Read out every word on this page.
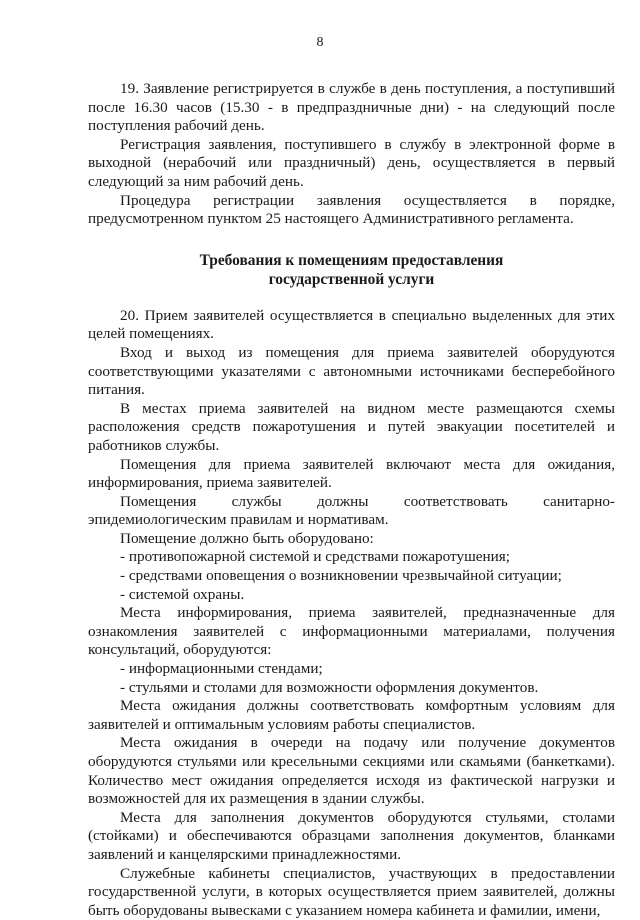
8

19. Заявление регистрируется в службе в день поступления, а поступивший после 16.30 часов (15.30 - в предпраздничные дни) - на следующий после поступления рабочий день.

Регистрация заявления, поступившего в службу в электронной форме в выходной (нерабочий или праздничный) день, осуществляется в первый следующий за ним рабочий день.

Процедура регистрации заявления осуществляется в порядке, предусмотренном пунктом 25 настоящего Административного регламента.

Требования к помещениям предоставления
государственной услуги

20. Прием заявителей осуществляется в специально выделенных для этих целей помещениях.

Вход и выход из помещения для приема заявителей оборудуются соответствующими указателями с автономными источниками бесперебойного питания.

В местах приема заявителей на видном месте размещаются схемы расположения средств пожаротушения и путей эвакуации посетителей и работников службы.

Помещения для приема заявителей включают места для ожидания, информирования, приема заявителей.

Помещения службы должны соответствовать санитарно-эпидемиологическим правилам и нормативам.

Помещение должно быть оборудовано:

- противопожарной системой и средствами пожаротушения;

- средствами оповещения о возникновении чрезвычайной ситуации;

- системой охраны.

Места информирования, приема заявителей, предназначенные для ознакомления заявителей с информационными материалами, получения консультаций, оборудуются:

- информационными стендами;

- стульями и столами для возможности оформления документов.

Места ожидания должны соответствовать комфортным условиям для заявителей и оптимальным условиям работы специалистов.

Места ожидания в очереди на подачу или получение документов оборудуются стульями или кресельными секциями или скамьями (банкетками). Количество мест ожидания определяется исходя из фактической нагрузки и возможностей для их размещения в здании службы.

Места для заполнения документов оборудуются стульями, столами (стойками) и обеспечиваются образцами заполнения документов, бланками заявлений и канцелярскими принадлежностями.

Служебные кабинеты специалистов, участвующих в предоставлении государственной услуги, в которых осуществляется прием заявителей, должны быть оборудованы вывесками с указанием номера кабинета и фамилии, имени,
